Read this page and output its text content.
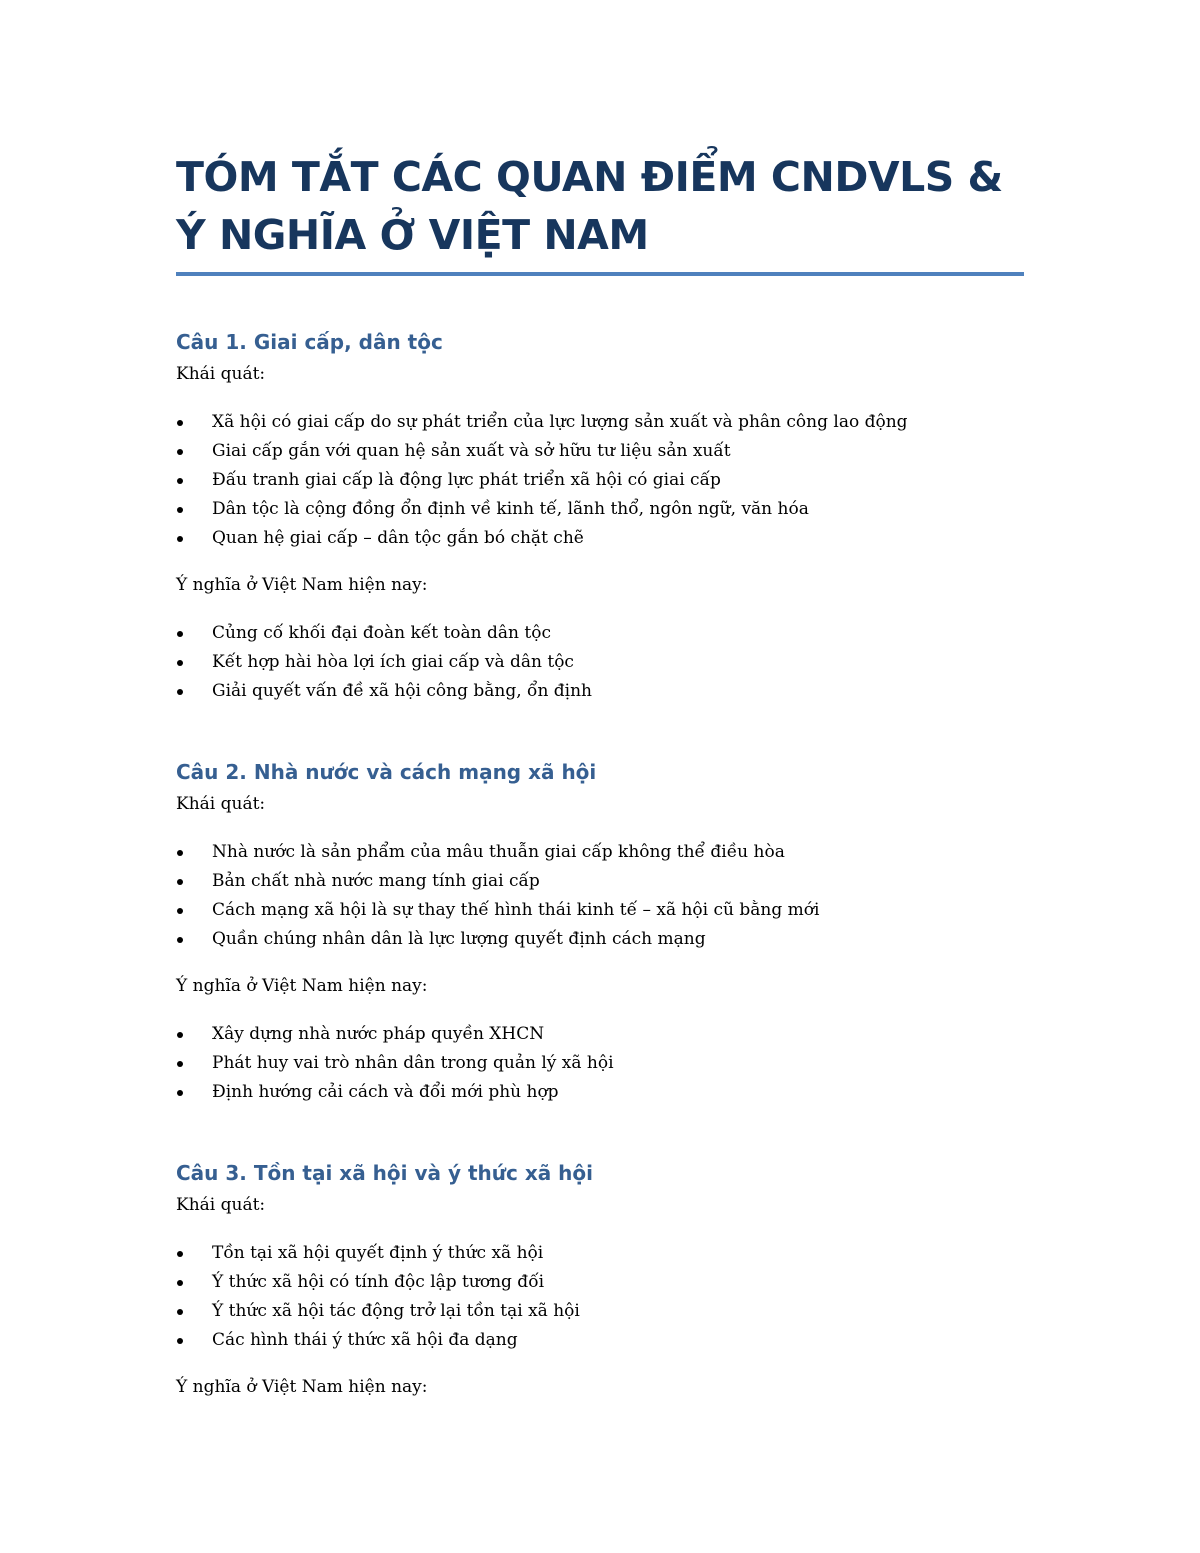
TÓM TẮT CÁC QUAN ĐIỂM CNDVLS & Ý NGHĨA Ở VIỆT NAM
Câu 1. Giai cấp, dân tộc

Khái quát:

Xã hội có giai cấp do sự phát triển của lực lượng sản xuất và phân công lao động
Giai cấp gắn với quan hệ sản xuất và sở hữu tư liệu sản xuất
Đấu tranh giai cấp là động lực phát triển xã hội có giai cấp
Dân tộc là cộng đồng ổn định về kinh tế, lãnh thổ, ngôn ngữ, văn hóa
Quan hệ giai cấp – dân tộc gắn bó chặt chẽ

Ý nghĩa ở Việt Nam hiện nay:

Củng cố khối đại đoàn kết toàn dân tộc
Kết hợp hài hòa lợi ích giai cấp và dân tộc
Giải quyết vấn đề xã hội công bằng, ổn định
Câu 2. Nhà nước và cách mạng xã hội

Khái quát:

Nhà nước là sản phẩm của mâu thuẫn giai cấp không thể điều hòa
Bản chất nhà nước mang tính giai cấp
Cách mạng xã hội là sự thay thế hình thái kinh tế – xã hội cũ bằng mới
Quần chúng nhân dân là lực lượng quyết định cách mạng

Ý nghĩa ở Việt Nam hiện nay:

Xây dựng nhà nước pháp quyền XHCN
Phát huy vai trò nhân dân trong quản lý xã hội
Định hướng cải cách và đổi mới phù hợp
Câu 3. Tồn tại xã hội và ý thức xã hội

Khái quát:

Tồn tại xã hội quyết định ý thức xã hội
Ý thức xã hội có tính độc lập tương đối
Ý thức xã hội tác động trở lại tồn tại xã hội
Các hình thái ý thức xã hội đa dạng

Ý nghĩa ở Việt Nam hiện nay:
